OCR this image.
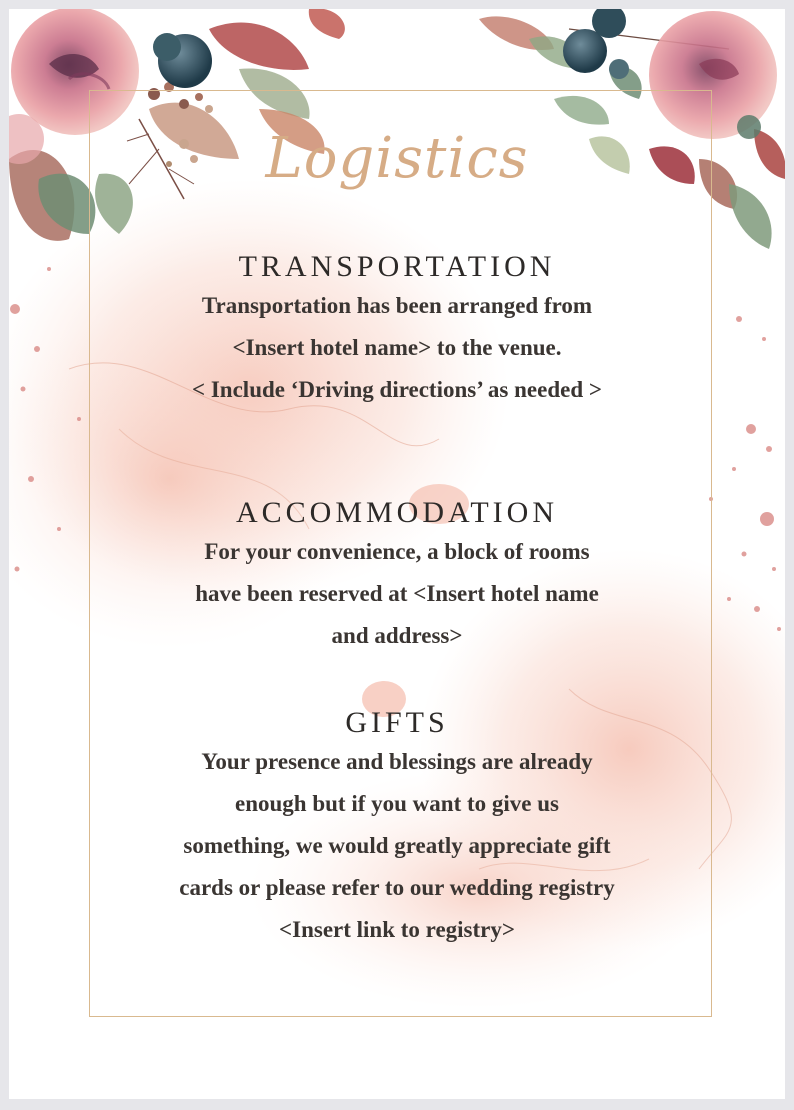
Logistics
TRANSPORTATION
Transportation has been arranged from
<Insert hotel name> to the venue.
< Include ‘Driving directions’ as needed >
ACCOMMODATION
For your convenience, a block of rooms
have been reserved at <Insert hotel name
and address>
GIFTS
Your presence and blessings are already
enough but if you want to give us
something, we would greatly appreciate gift
cards or please refer to our wedding registry
<Insert link to registry>
